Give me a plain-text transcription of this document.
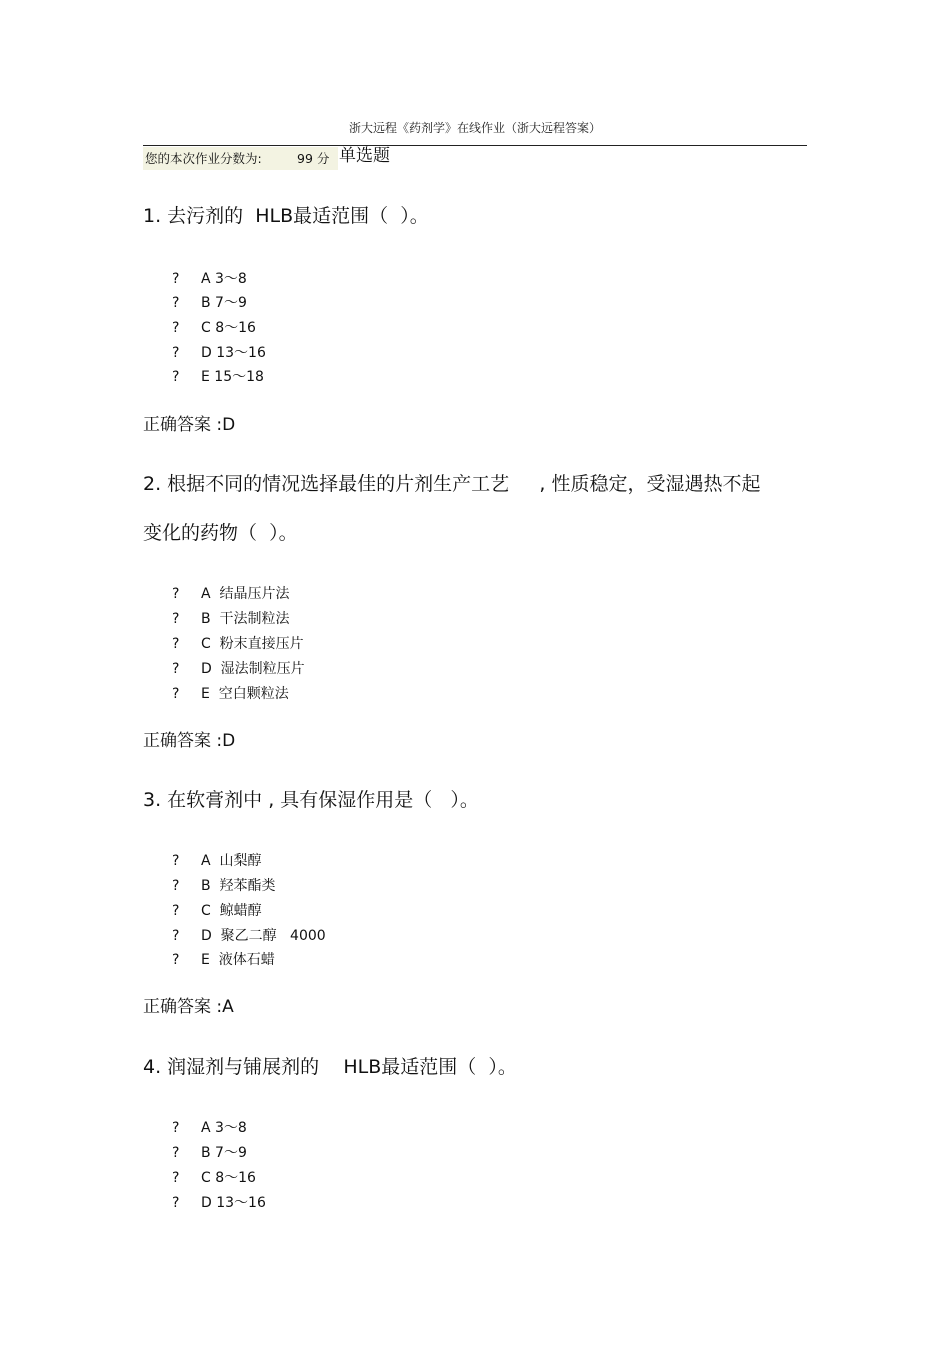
浙大远程《药剂学》在线作业（浙大远程答案）
您的本次作业分数为:	99 分 单选题
1. 去污剂的  HLB最适范围（  ）。
? A 3～8
? B 7～9
? C 8～16
? D 13～16
? E 15～18
正确答案 :D
2. 根据不同的情况选择最佳的片剂生产工艺     , 性质稳定，受湿遇热不起
变化的药物（  ）。
? A  结晶压片法
? B  干法制粒法
? C  粉末直接压片
? D  湿法制粒压片
? E  空白颗粒法
正确答案 :D
3. 在软膏剂中 , 具有保湿作用是（   ）。
? A  山梨醇
? B  羟苯酯类
? C  鲸蜡醇
? D  聚乙二醇   4000
? E  液体石蜡
正确答案 :A
4. 润湿剂与铺展剂的    HLB最适范围（  ）。
? A 3～8
? B 7～9
? C 8～16
? D 13～16
